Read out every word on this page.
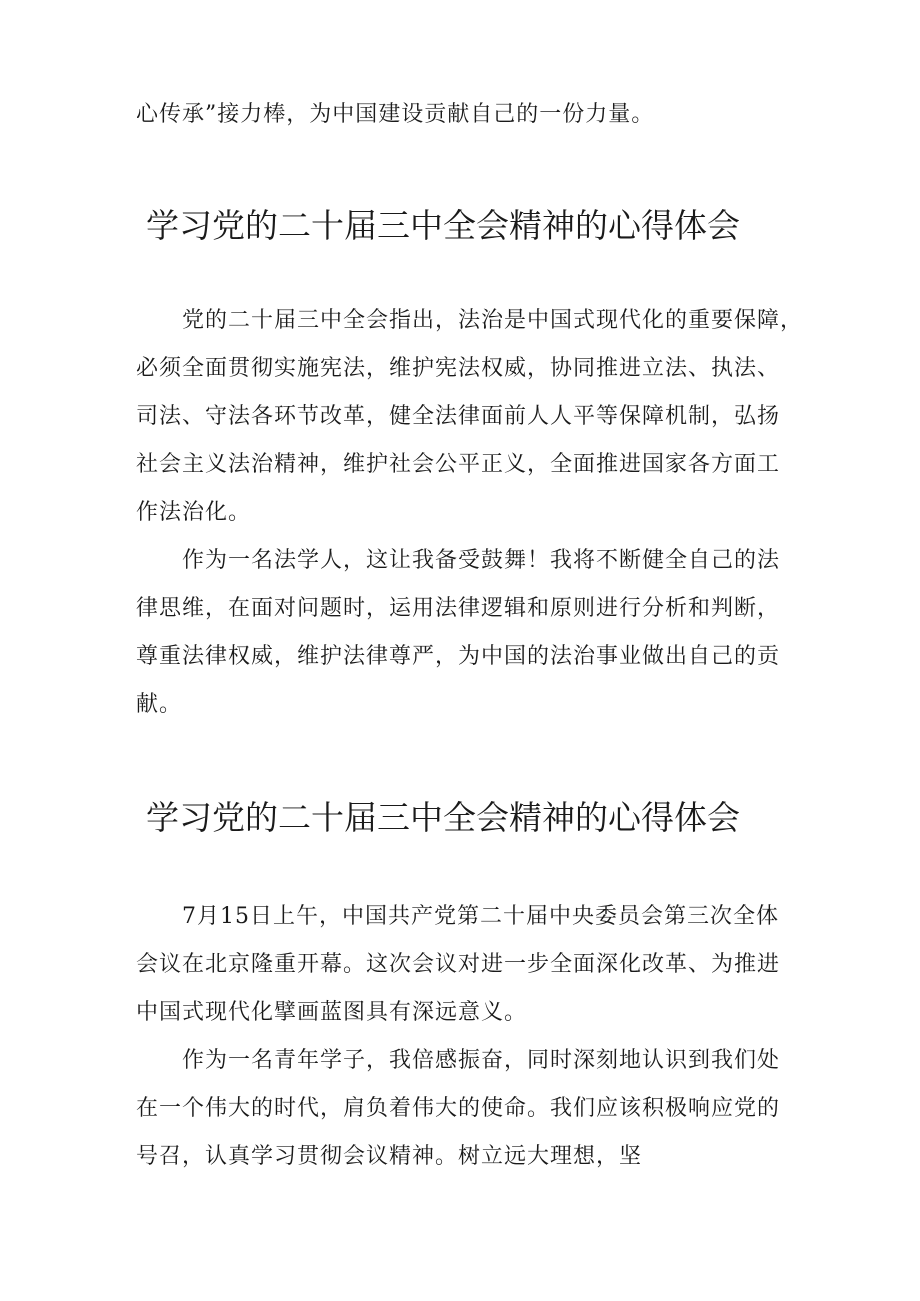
心传承”接力棒，为中国建设贡献自己的一份力量。

学习党的二十届三中全会精神的心得体会

党的二十届三中全会指出，法治是中国式现代化的重要保障，

必须全面贯彻实施宪法，维护宪法权威，协同推进立法、执法、

司法、守法各环节改革，健全法律面前人人平等保障机制，弘扬

社会主义法治精神，维护社会公平正义，全面推进国家各方面工

作法治化。

作为一名法学人，这让我备受鼓舞！我将不断健全自己的法

律思维，在面对问题时，运用法律逻辑和原则进行分析和判断，

尊重法律权威，维护法律尊严，为中国的法治事业做出自己的贡

献。

学习党的二十届三中全会精神的心得体会

7月15日上午，中国共产党第二十届中央委员会第三次全体

会议在北京隆重开幕。这次会议对进一步全面深化改革、为推进

中国式现代化擘画蓝图具有深远意义。

作为一名青年学子，我倍感振奋，同时深刻地认识到我们处

在一个伟大的时代，肩负着伟大的使命。我们应该积极响应党的

号召，认真学习贯彻会议精神。树立远大理想，坚
